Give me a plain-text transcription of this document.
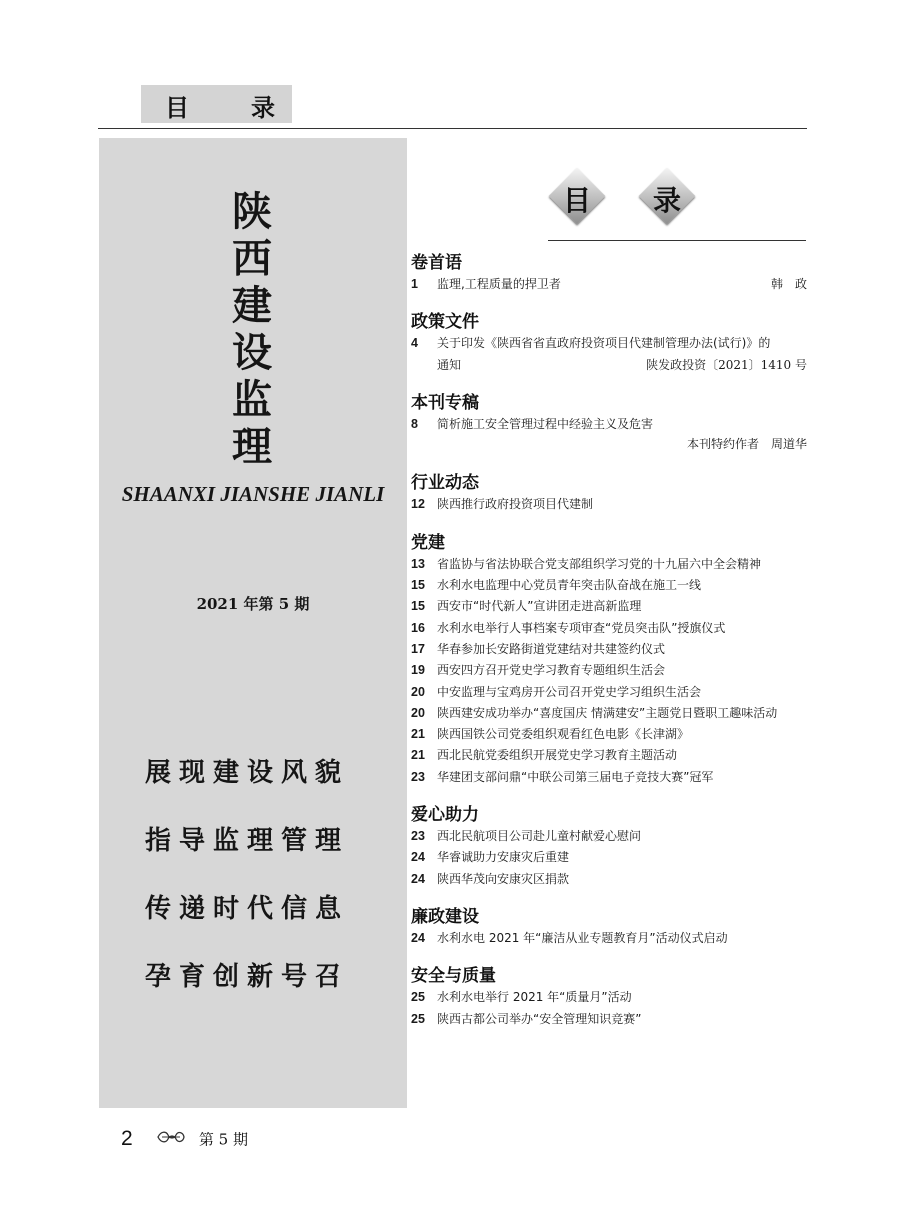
目	录
陕
西
建
设
监
理
SHAANXI JIANSHE JIANLI
2021 年第 5 期
展现建设风貌
指导监理管理
传递时代信息
孕育创新号召
目	录
卷首语
1 监理,工程质量的捍卫者	韩　政
政策文件
4 关于印发《陕西省省直政府投资项目代建制管理办法(试行)》的
通知	陕发政投资〔2021〕1410 号
本刊专稿
8 简析施工安全管理过程中经验主义及危害
本刊特约作者　周道华
行业动态
12 陕西推行政府投资项目代建制
党建
13 省监协与省法协联合党支部组织学习党的十九届六中全会精神
15 水利水电监理中心党员青年突击队奋战在施工一线
15 西安市“时代新人”宣讲团走进高新监理
16 水利水电举行人事档案专项审查“党员突击队”授旗仪式
17 华春参加长安路街道党建结对共建签约仪式
19 西安四方召开党史学习教育专题组织生活会
20 中安监理与宝鸡房开公司召开党史学习组织生活会
20 陕西建安成功举办“喜度国庆 情满建安”主题党日暨职工趣味活动
21 陕西国铁公司党委组织观看红色电影《长津湖》
21 西北民航党委组织开展党史学习教育主题活动
23 华建团支部问鼎“中联公司第三届电子竞技大赛”冠军
爱心助力
23 西北民航项目公司赴儿童村献爱心慰问
24 华睿诚助力安康灾后重建
24 陕西华茂向安康灾区捐款
廉政建设
24 水利水电 2021 年“廉洁从业专题教育月”活动仪式启动
安全与质量
25 水利水电举行 2021 年“质量月”活动
25 陕西古都公司举办“安全管理知识竞赛”
2	第 5 期
